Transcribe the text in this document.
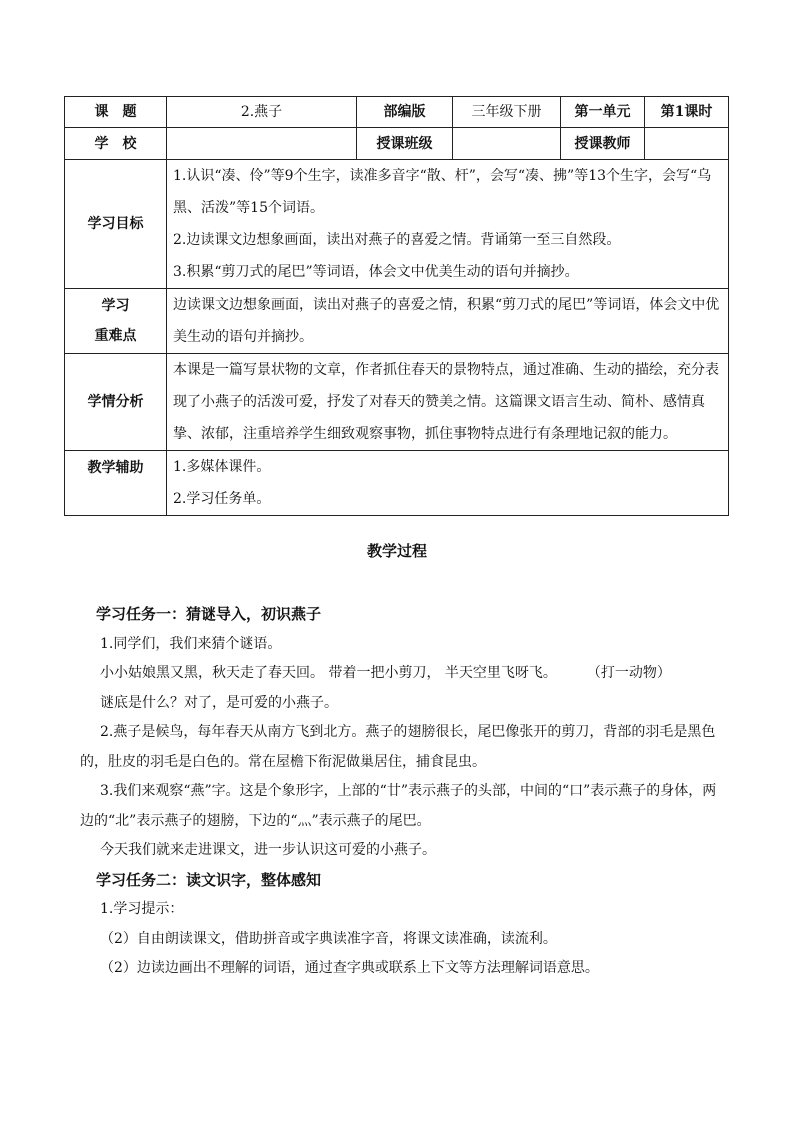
课　题	2.燕子	部编版	三年级下册	第一单元	第1课时
学　校		授课班级		授课教师	
学习目标	1.认识“凑、伶”等9个生字，读准多音字“散、杆”，会写“凑、拂”等13个生字，会写“乌黑、活泼”等15个词语。

2.边读课文边想象画面，读出对燕子的喜爱之情。背诵第一至三自然段。

3.积累“剪刀式的尾巴”等词语，体会文中优美生动的语句并摘抄。				

学习
重难点	边读课文边想象画面，读出对燕子的喜爱之情，积累“剪刀式的尾巴”等词语，体会文中优美生动的语句并摘抄。				

学情分析	本课是一篇写景状物的文章，作者抓住春天的景物特点，通过准确、生动的描绘，充分表现了小燕子的活泼可爱，抒发了对春天的赞美之情。这篇课文语言生动、简朴、感情真挚、浓郁，注重培养学生细致观察事物，抓住事物特点进行有条理地记叙的能力。				

教学辅助	1.多媒体课件。

2.学习任务单。				

教学过程

学习任务一：猜谜导入，初识燕子

1.同学们，我们来猜个谜语。

小小姑娘黑又黑，秋天走了春天回。 带着一把小剪刀， 半天空里飞呀飞。 （打一动物）

谜底是什么？对了，是可爱的小燕子。

2.燕子是候鸟，每年春天从南方飞到北方。燕子的翅膀很长，尾巴像张开的剪刀，背部的羽毛是黑色的，肚皮的羽毛是白色的。常在屋檐下衔泥做巢居住，捕食昆虫。

3.我们来观察“燕”字。这是个象形字，上部的“廿”表示燕子的头部，中间的“口”表示燕子的身体，两边的“北”表示燕子的翅膀，下边的“灬”表示燕子的尾巴。

今天我们就来走进课文，进一步认识这可爱的小燕子。

学习任务二：读文识字，整体感知

1.学习提示：

（2）自由朗读课文，借助拼音或字典读准字音，将课文读准确，读流利。

（2）边读边画出不理解的词语，通过查字典或联系上下文等方法理解词语意思。
